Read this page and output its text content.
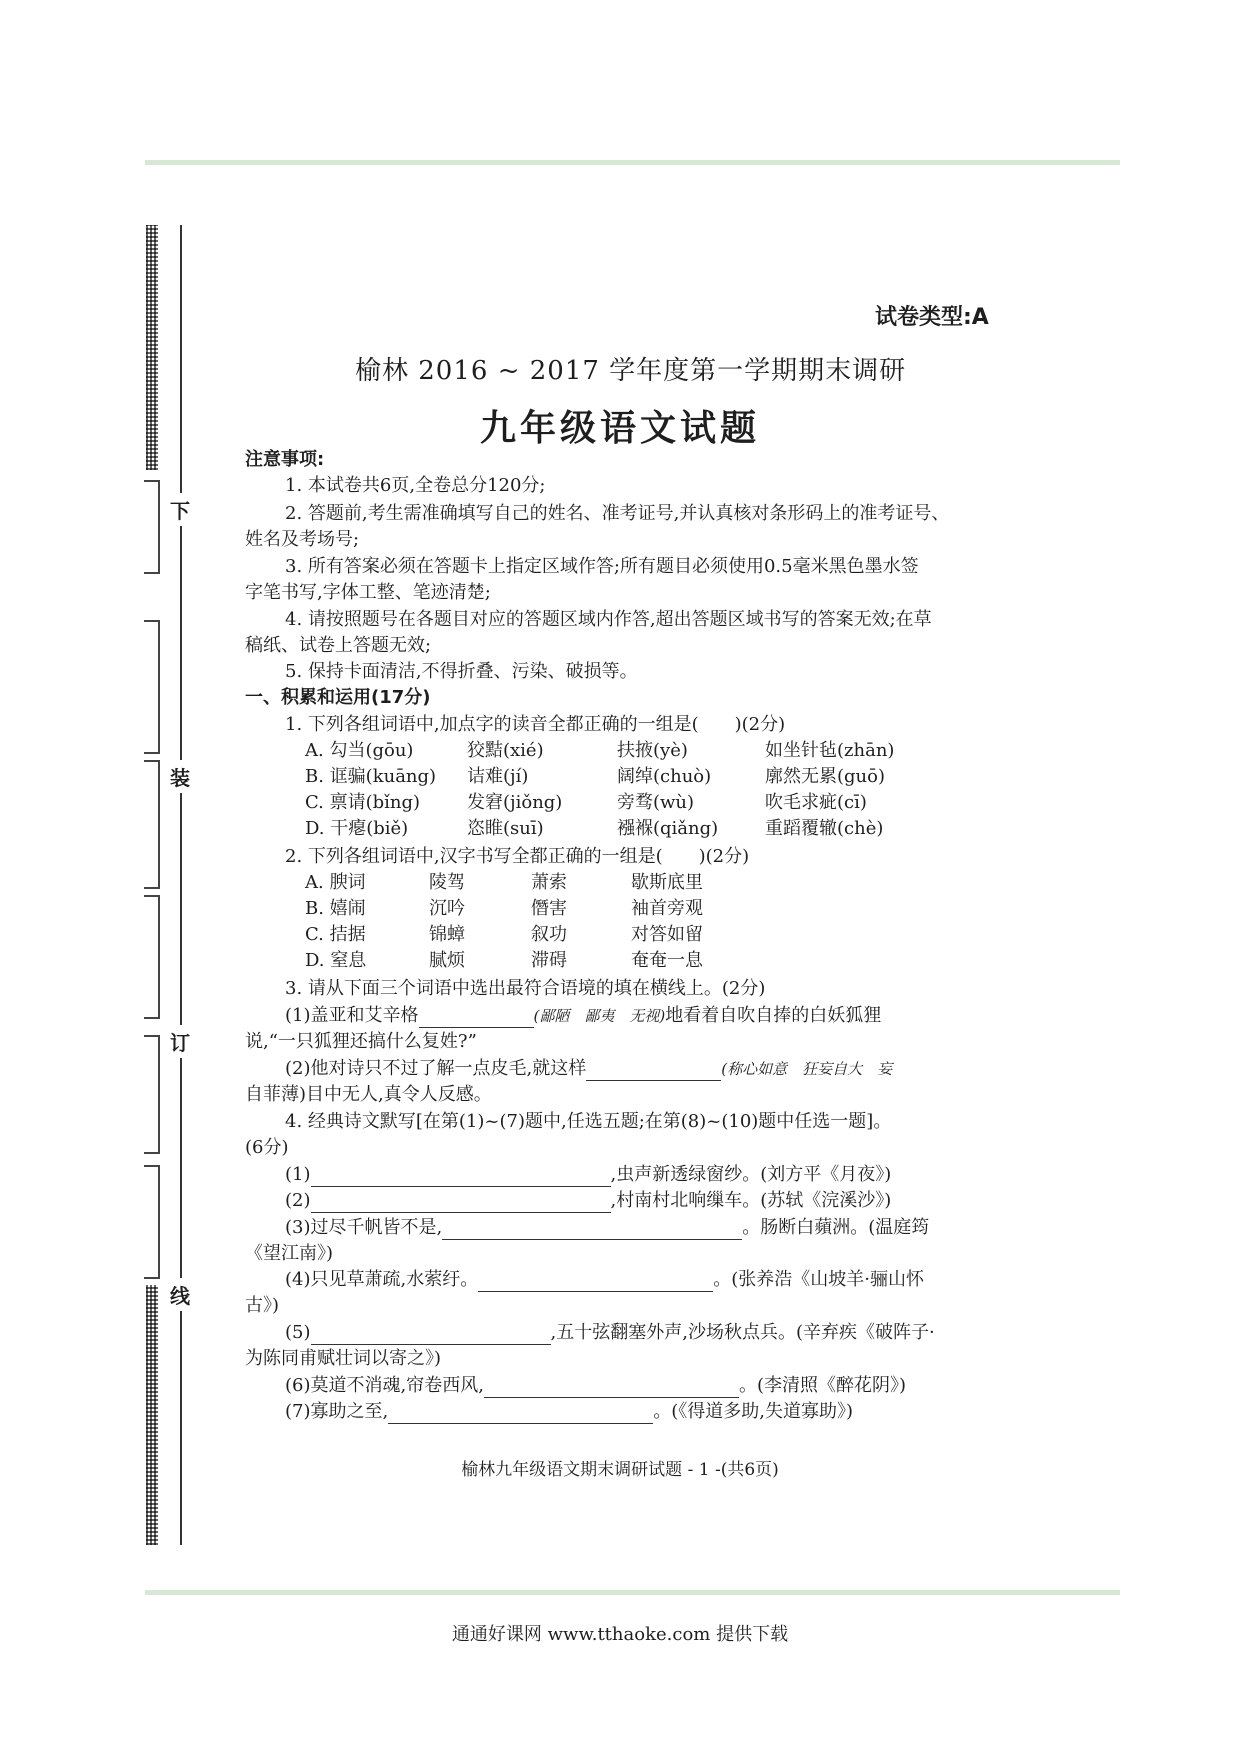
下
装
订
线
试卷类型:A
榆林 2016 ~ 2017 学年度第一学期期末调研
九年级语文试题
注意事项:
1. 本试卷共6页,全卷总分120分;
2. 答题前,考生需准确填写自己的姓名、准考证号,并认真核对条形码上的准考证号、
姓名及考场号;
3. 所有答案必须在答题卡上指定区域作答;所有题目必须使用0.5毫米黑色墨水签
字笔书写,字体工整、笔迹清楚;
4. 请按照题号在各题目对应的答题区域内作答,超出答题区域书写的答案无效;在草
稿纸、试卷上答题无效;
5. 保持卡面清洁,不得折叠、污染、破损等。
一、积累和运用(17分)
1. 下列各组词语中,加点字的读音全都正确的一组是(　　)(2分)
A. 勾当(gōu)	狡黠(xié)	扶掖(yè)	如坐针毡(zhān)
B. 诓骗(kuāng) 诘难(jí)	阔绰(chuò)	廓然无累(guō)
C. 禀请(bǐng)	发窘(jiǒng)	旁骛(wù)	吹毛求疵(cī)
D. 干瘪(biě)	恣睢(suī)	襁褓(qiǎng)	重蹈覆辙(chè)
2. 下列各组词语中,汉字书写全都正确的一组是(　　)(2分)
A. 腴词	陵驾	萧索	歇斯底里
B. 嬉闹	沉吟	僭害	袖首旁观
C. 拮据	锦蟑	叙功	对答如留
D. 窒息	腻烦	滞碍	奄奄一息
3. 请从下面三个词语中选出最符合语境的填在横线上。(2分)
(1)盖亚和艾辛格	(鄙陋　鄙夷　无视)地看着自吹自捧的白妖狐狸
说,“一只狐狸还搞什么复姓?”
(2)他对诗只不过了解一点皮毛,就这样	(称心如意　狂妄自大　妄
自菲薄)目中无人,真令人反感。
4. 经典诗文默写[在第(1)~(7)题中,任选五题;在第(8)~(10)题中任选一题]。
(6分)
(1)	,虫声新透绿窗纱。(刘方平《月夜》)
(2)	,村南村北响缫车。(苏轼《浣溪沙》)
(3)过尽千帆皆不是,	。肠断白蘋洲。(温庭筠
《望江南》)
(4)只见草萧疏,水萦纡。	。(张养浩《山坡羊·骊山怀
古》)
(5)	,五十弦翻塞外声,沙场秋点兵。(辛弃疾《破阵子·
为陈同甫赋壮词以寄之》)
(6)莫道不消魂,帘卷西风,	。(李清照《醉花阴》)
(7)寡助之至,	。(《得道多助,失道寡助》)
榆林九年级语文期末调研试题 - 1 -(共6页)
通通好课网 www.tthaoke.com 提供下载
